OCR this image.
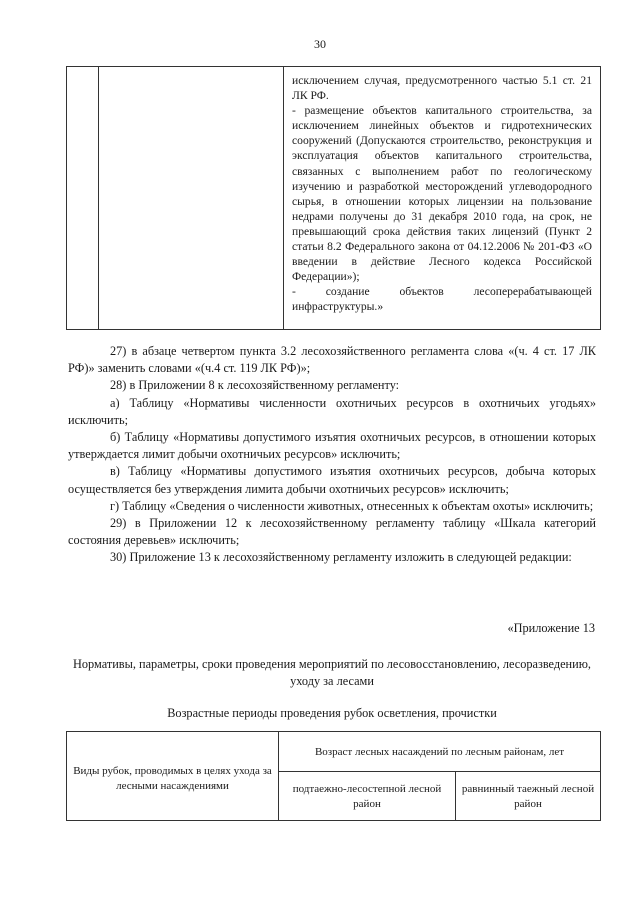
30

исключением случая, предусмотренного частью 5.1 ст. 21 ЛК РФ.

- размещение объектов капитального строительства, за исключением линейных объектов и гидротехнических сооружений (Допускаются строительство, реконструкция и эксплуатация объектов капитального строительства, связанных с выполнением работ по геологическому изучению и разработкой месторождений углеводородного сырья, в отношении которых лицензии на пользование недрами получены до 31 декабря 2010 года, на срок, не превышающий срока действия таких лицензий (Пункт 2 статьи 8.2 Федерального закона от 04.12.2006 № 201-ФЗ «О введении в действие Лесного кодекса Российской Федерации»);

- создание объектов лесоперерабатывающей инфраструктуры.»

27) в абзаце четвертом пункта 3.2 лесохозяйственного регламента слова «(ч. 4 ст. 17 ЛК РФ)» заменить словами «(ч.4 ст. 119 ЛК РФ)»;

28) в Приложении 8 к лесохозяйственному регламенту:

а) Таблицу «Нормативы численности охотничьих ресурсов в охотничьих угодьях» исключить;

б) Таблицу «Нормативы допустимого изъятия охотничьих ресурсов, в отношении которых утверждается лимит добычи охотничьих ресурсов» исключить;

в) Таблицу «Нормативы допустимого изъятия охотничьих ресурсов, добыча которых осуществляется без утверждения лимита добычи охотничьих ресурсов» исключить;

г) Таблицу «Сведения о численности животных, отнесенных к объектам охоты» исключить;

29) в Приложении 12 к лесохозяйственному регламенту таблицу «Шкала категорий состояния деревьев» исключить;

30) Приложение 13 к лесохозяйственному регламенту изложить в следующей редакции:

«Приложение 13
Нормативы, параметры, сроки проведения мероприятий по лесовосстановлению, лесоразведению, уходу за лесами
Возрастные периоды проведения рубок осветления, прочистки
Виды рубок, проводимых в целях ухода за лесными насаждениями
Возраст лесных насаждений по лесным районам, лет
подтаежно-лесостепной лесной район
равнинный таежный лесной район
